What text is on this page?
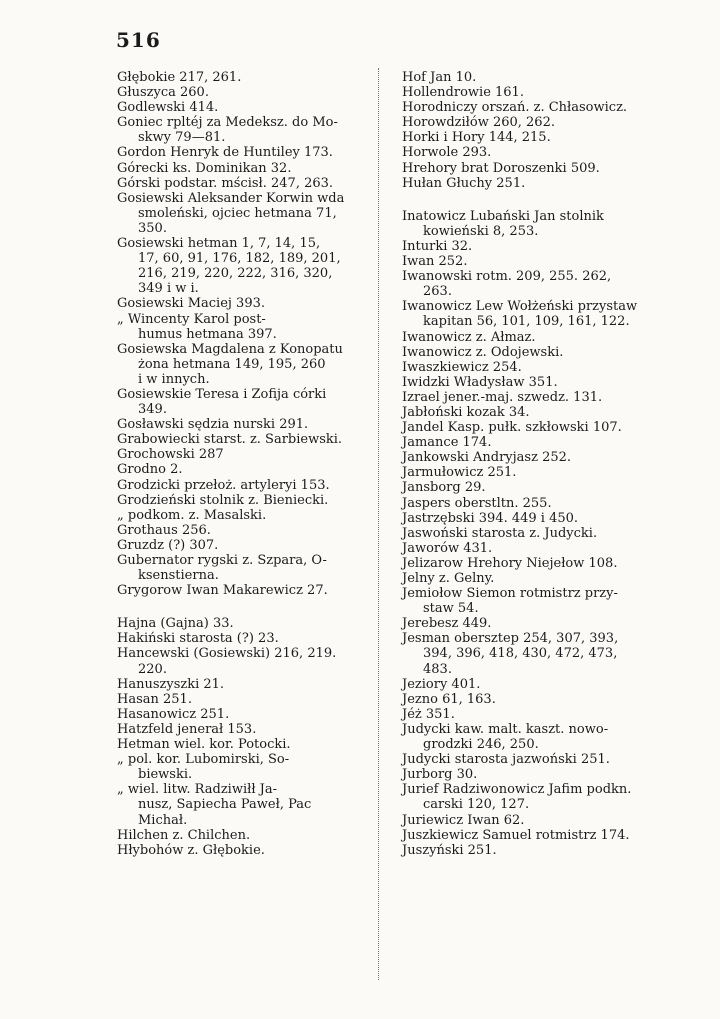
516
Głębokie 217, 261.
Głuszyca 260.
Godlewski 414.
Goniec rpltéj za Medeksz. do Mo-
skwy 79—81.
Gordon Henryk de Huntiley 173.
Górecki ks. Dominikan 32.
Górski podstar. mścisł. 247, 263.
Gosiewski Aleksander Korwin wda
smoleński, ojciec hetmana 71,
350.
Gosiewski hetman 1, 7, 14, 15,
17, 60, 91, 176, 182, 189, 201,
216, 219, 220, 222, 316, 320,
349 i w i.
Gosiewski Maciej 393.
„ Wincenty Karol post-
humus hetmana 397.
Gosiewska Magdalena z Konopatu
żona hetmana 149, 195, 260
i w innych.
Gosiewskie Teresa i Zofija córki
349.
Gosławski sędzia nurski 291.
Grabowiecki starst. z. Sarbiewski.
Grochowski 287
Grodno 2.
Grodzicki przełoż. artyleryi 153.
Grodzieński stolnik z. Bieniecki.
„ podkom. z. Masalski.
Grothaus 256.
Gruzdz (?) 307.
Gubernator rygski z. Szpara, O-
ksenstierna.
Grygorow Iwan Makarewicz 27.
Hajna (Gajna) 33.
Hakiński starosta (?) 23.
Hancewski (Gosiewski) 216, 219.
220.
Hanuszyszki 21.
Hasan 251.
Hasanowicz 251.
Hatzfeld jenerał 153.
Hetman wiel. kor. Potocki.
„ pol. kor. Lubomirski, So-
biewski.
„ wiel. litw. Radziwiłł Ja-
nusz, Sapiecha Paweł, Pac
Michał.
Hilchen z. Chilchen.
Hłybohów z. Głębokie.
Hof Jan 10.
Hollendrowie 161.
Horodniczy orszań. z. Chłasowicz.
Horowdziłów 260, 262.
Horki i Hory 144, 215.
Horwole 293.
Hrehory brat Doroszenki 509.
Hułan Głuchy 251.
Inatowicz Lubański Jan stolnik
kowieński 8, 253.
Inturki 32.
Iwan 252.
Iwanowski rotm. 209, 255. 262,
263.
Iwanowicz Lew Wołżeński przystaw
kapitan 56, 101, 109, 161, 122.
Iwanowicz z. Ałmaz.
Iwanowicz z. Odojewski.
Iwaszkiewicz 254.
Iwidzki Władysław 351.
Izrael jener.-maj. szwedz. 131.
Jabłoński kozak 34.
Jandel Kasp. pułk. szkłowski 107.
Jamance 174.
Jankowski Andryjasz 252.
Jarmułowicz 251.
Jansborg 29.
Jaspers oberstltn. 255.
Jastrzębski 394. 449 i 450.
Jaswoński starosta z. Judycki.
Jaworów 431.
Jelizarow Hrehory Niejełow 108.
Jelny z. Gelny.
Jemiołow Siemon rotmistrz przy-
staw 54.
Jerebesz 449.
Jesman obersztер 254, 307, 393,
394, 396, 418, 430, 472, 473,
483.
Jeziory 401.
Jezno 61, 163.
Jéż 351.
Judycki kaw. malt. kaszt. nowo-
grodzki 246, 250.
Judycki starosta jazwoński 251.
Jurborg 30.
Jurief Radziwonowicz Jafim podkn.
carski 120, 127.
Juriewicz Iwan 62.
Juszkiewicz Samuel rotmistrz 174.
Juszyński 251.
